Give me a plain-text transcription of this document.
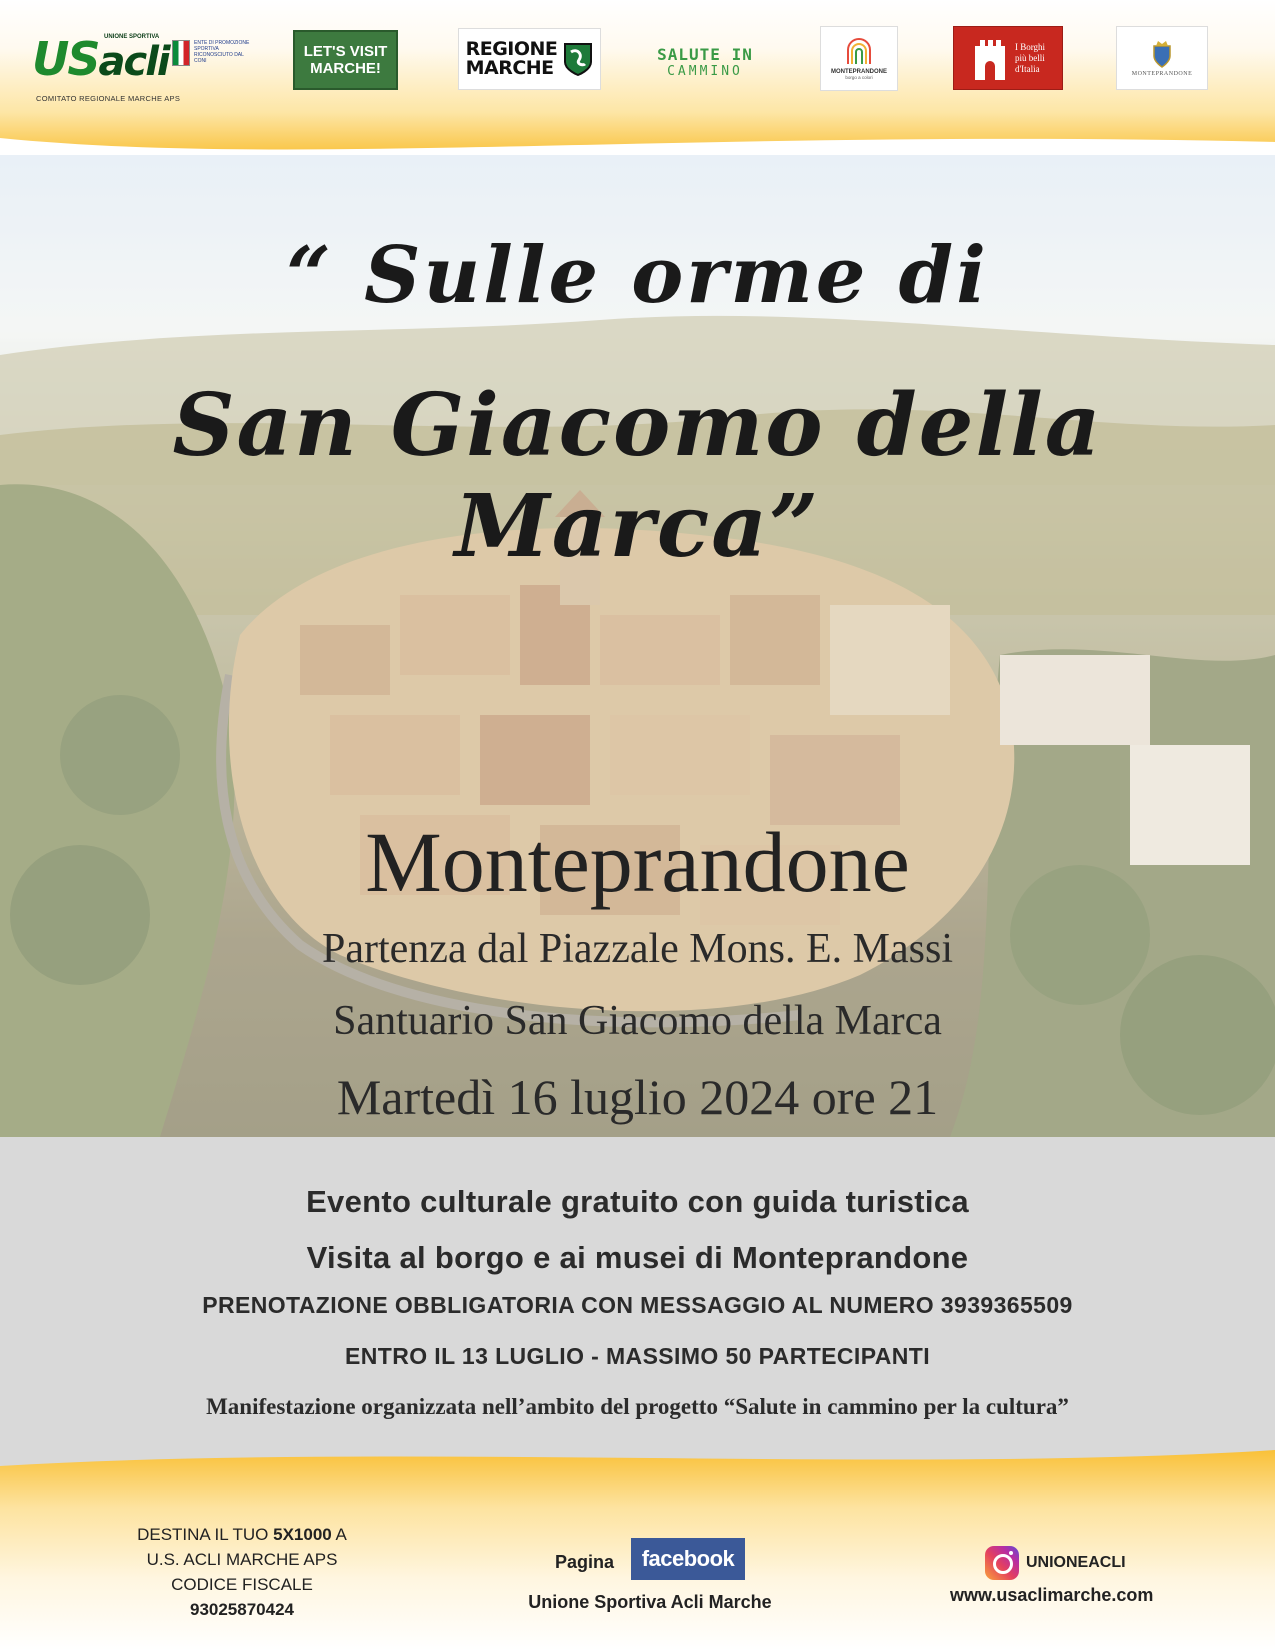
USacli
UNIONE SPORTIVA
ENTE DI PROMOZIONE SPORTIVA RICONOSCIUTO DAL CONI
COMITATO REGIONALE MARCHE APS
LET'S VISIT
MARCHE!
REGIONE
MARCHE
SALUTE IN
CAMMINO	MONTEPRANDONE
borgo a colori
I Borghi
più belli
d'Italia	MONTEPRANDONE
“ Sulle orme di
San Giacomo della Marca”
Monteprandone
Partenza dal Piazzale Mons. E. Massi
Santuario San Giacomo della Marca
Martedì 16 luglio 2024 ore 21
Evento culturale gratuito con guida turistica
Visita al borgo e ai musei di Monteprandone
PRENOTAZIONE OBBLIGATORIA CON MESSAGGIO AL NUMERO 3939365509
ENTRO IL 13 LUGLIO - MASSIMO 50 PARTECIPANTI
Manifestazione organizzata nell’ambito del progetto “Salute in cammino per la cultura”
DESTINA IL TUO 5X1000 A
U.S. ACLI MARCHE APS
CODICE FISCALE
93025870424
Pagina	facebook
Unione Sportiva Acli Marche
UNIONEACLI
www.usaclimarche.com
